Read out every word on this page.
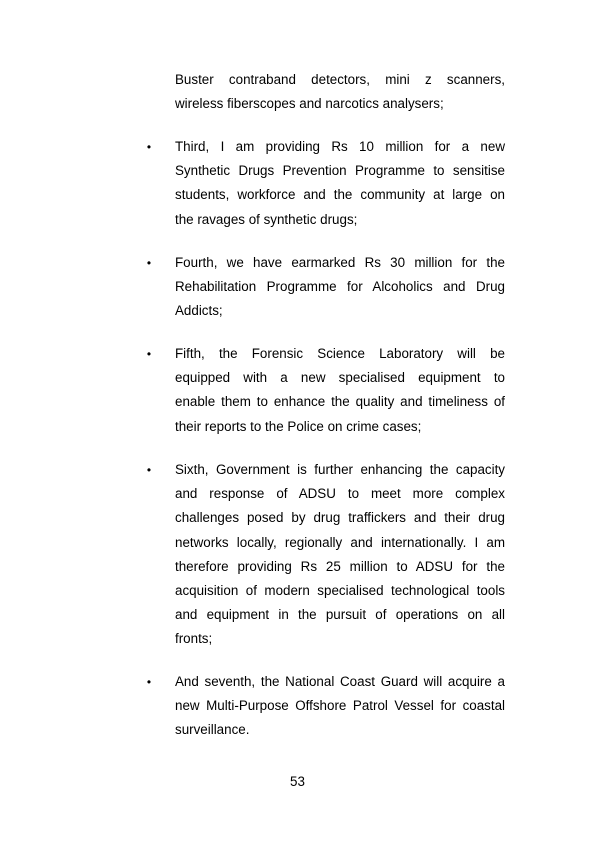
Buster contraband detectors, mini z scanners,
wireless fiberscopes and narcotics analysers;
• Third, I am providing Rs 10 million for a new
Synthetic Drugs Prevention Programme to sensitise
students, workforce and the community at large on
the ravages of synthetic drugs;
• Fourth, we have earmarked Rs 30 million for the
Rehabilitation Programme for Alcoholics and Drug
Addicts;
• Fifth, the Forensic Science Laboratory will be
equipped with a new specialised equipment to
enable them to enhance the quality and timeliness of
their reports to the Police on crime cases;
• Sixth, Government is further enhancing the capacity
and response of ADSU to meet more complex
challenges posed by drug traffickers and their drug
networks locally, regionally and internationally. I am
therefore providing Rs 25 million to ADSU for the
acquisition of modern specialised technological tools
and equipment in the pursuit of operations on all
fronts;
• And seventh, the National Coast Guard will acquire a
new Multi-Purpose Offshore Patrol Vessel for coastal
surveillance.
53
